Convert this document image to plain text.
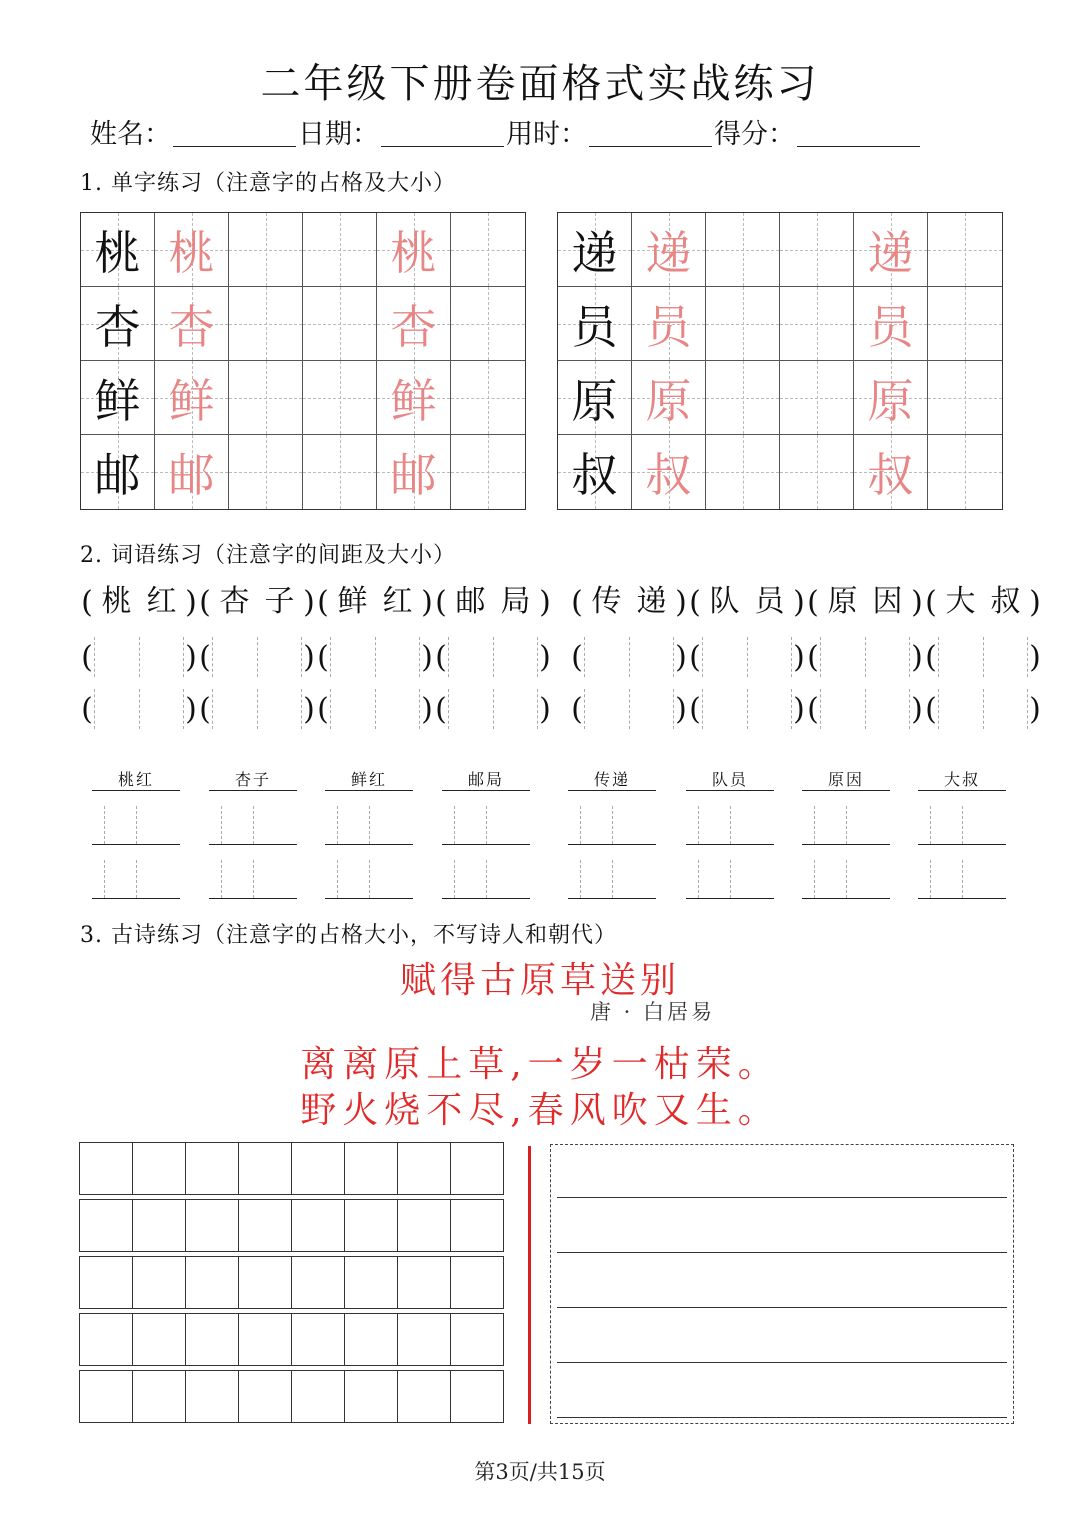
二年级下册卷面格式实战练习
姓名：	日期：	用时：	得分：
1. 单字练习（注意字的占格及大小）
桃 桃	桃
杏 杏	杏
鲜 鲜	鲜
邮 邮	邮
递 递	递
员 员	员
原 原	原
叔 叔	叔
2. 词语练习（注意字的间距及大小）
( 桃 红 ) ( 杏 子 ) ( 鲜 红 ) ( 邮 局 ) ( 传 递 ) ( 队 员 ) ( 原 因 ) ( 大 叔 )
(	) (	) (	) (	) (	) (	) (	) (	)
(	) (	) (	) (	) (	) (	) (	) (	)
桃红	杏子	鲜红	邮局	传递	队员	原因	大叔
3. 古诗练习（注意字的占格大小，不写诗人和朝代）
赋得古原草送别
唐 · 白居易
离离原上草,一岁一枯荣。
野火烧不尽,春风吹又生。
第3页/共15页
